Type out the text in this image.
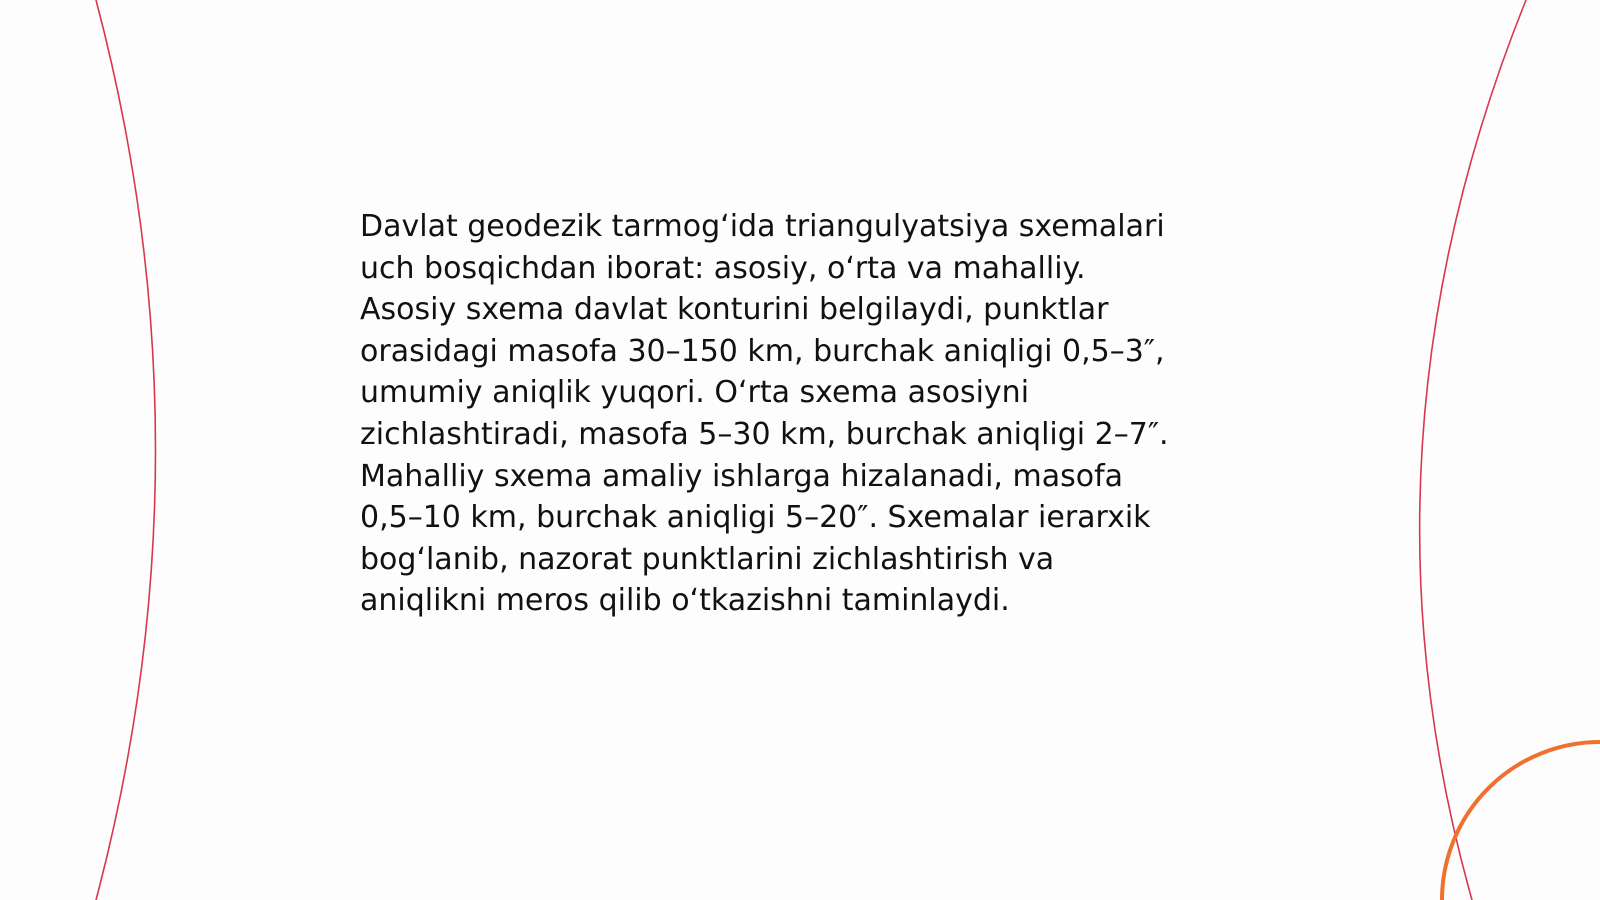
Davlat geodezik tarmogʻida triangulyatsiya sxemalari
uch bosqichdan iborat: asosiy, oʻrta va mahalliy.
Asosiy sxema davlat konturini belgilaydi, punktlar
orasidagi masofa 30–150 km, burchak aniqligi 0,5–3″,
umumiy aniqlik yuqori. Oʻrta sxema asosiyni
zichlashtiradi, masofa 5–30 km, burchak aniqligi 2–7″.
Mahalliy sxema amaliy ishlarga hizalanadi, masofa
0,5–10 km, burchak aniqligi 5–20″. Sxemalar ierarxik
bogʻlanib, nazorat punktlarini zichlashtirish va
aniqlikni meros qilib oʻtkazishni taminlaydi.
